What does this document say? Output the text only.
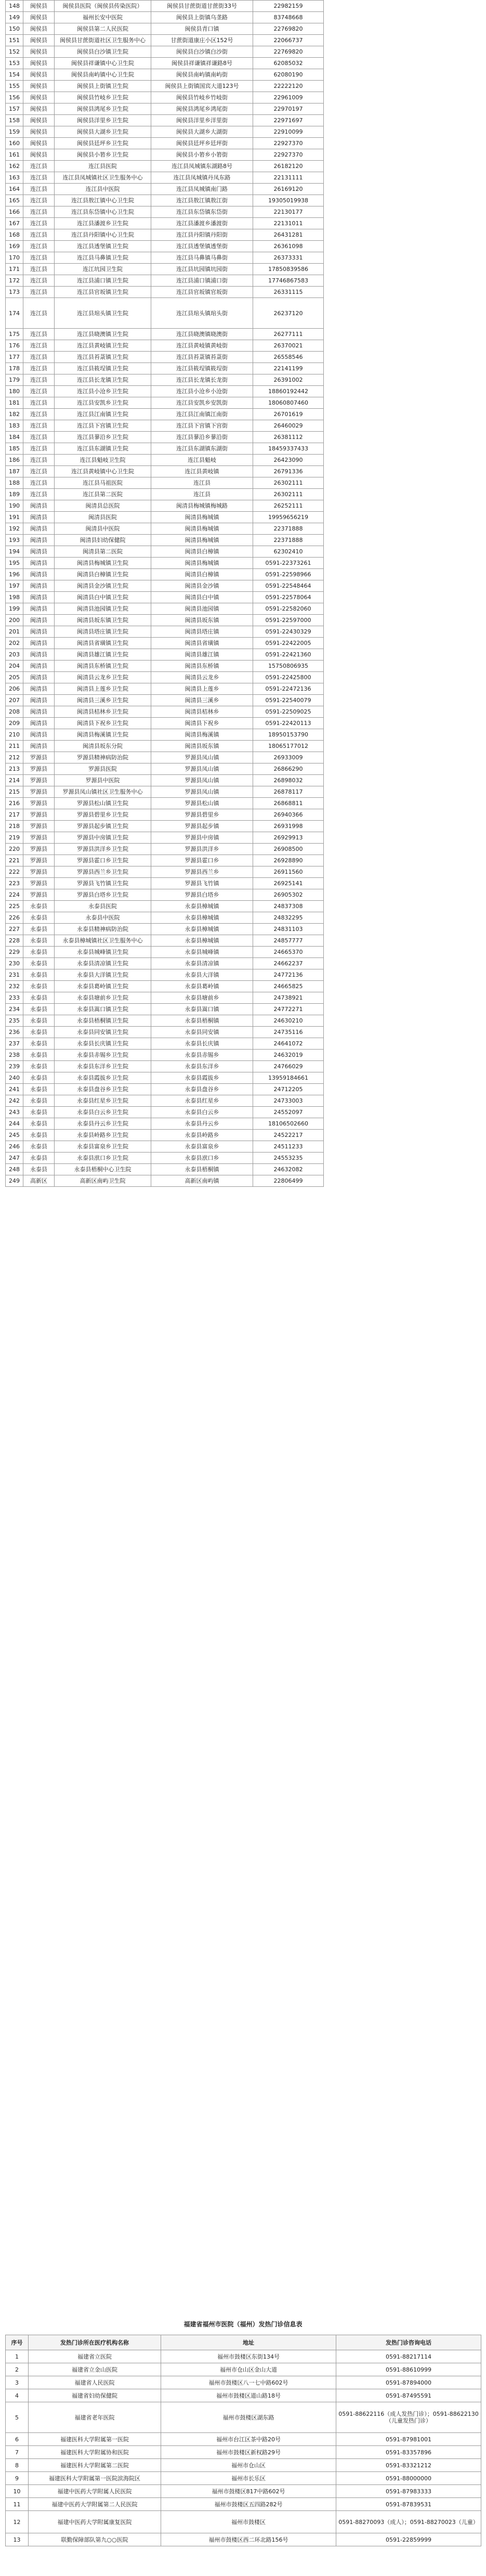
148	闽侯县	闽侯县医院（闽侯县传染医院）	闽侯县甘蔗街道甘蔗街33号	22982159
149	闽侯县	福州长安中医院	闽侯县上街镇乌垄路	83748668
150	闽侯县	闽侯县第二人民医院	闽侯县青口镇	22769820
151	闽侯县	闽侯县甘蔗街道社区卫生服务中心	甘蔗街道康庄小区152号	22066737
152	闽侯县	闽侯县白沙镇卫生院	闽侯县白沙镇白沙街	22769820
153	闽侯县	闽侯县祥谦镇中心卫生院	闽侯县祥谦镇祥谦路8号	62085032
154	闽侯县	闽侯县南屿镇中心卫生院	闽侯县南屿镇南屿街	62080190
155	闽侯县	闽侯县上街镇卫生院	闽侯县上街镇国宾大道123号	22222120
156	闽侯县	闽侯县竹岐乡卫生院	闽侯县竹岐乡竹岐街	22961009
157	闽侯县	闽侯县鸿尾乡卫生院	闽侯县鸿尾乡鸿尾街	22970197
158	闽侯县	闽侯县洋里乡卫生院	闽侯县洋里乡洋里街	22971697
159	闽侯县	闽侯县大湖乡卫生院	闽侯县大湖乡大湖街	22910099
160	闽侯县	闽侯县廷坪乡卫生院	闽侯县廷坪乡廷坪街	22927370
161	闽侯县	闽侯县小箬乡卫生院	闽侯县小箬乡小箬街	22927370
162	连江县	连江县医院	连江县凤城镇东湖路8号	26182120
163	连江县	连江县凤城镇社区卫生服务中心	连江县凤城镇丹凤东路	22131111
164	连江县	连江县中医院	连江县凤城镇南门路	26169120
165	连江县	连江县敖江镇中心卫生院	连江县敖江镇敖江街	19305019938
166	连江县	连江县东岱镇中心卫生院	连江县东岱镇东岱街	22130177
167	连江县	连江县潘渡乡卫生院	连江县潘渡乡潘渡街	22131011
168	连江县	连江县丹阳镇中心卫生院	连江县丹阳镇丹阳街	26431281
169	连江县	连江县透堡镇卫生院	连江县透堡镇透堡街	26361098
170	连江县	连江县马鼻镇卫生院	连江县马鼻镇马鼻街	26373331
171	连江县	连江坑园卫生院	连江县坑园镇坑园街	17850839586
172	连江县	连江县浦口镇卫生院	连江县浦口镇浦口街	17746867583
173	连江县	连江县官坂镇卫生院	连江县官坂镇官坂街	26331115
174	连江县	连江县琯头镇卫生院	连江县琯头镇琯头街	26237120
175	连江县	连江县晓澳镇卫生院	连江县晓澳镇晓澳街	26277111
176	连江县	连江县黄岐镇卫生院	连江县黄岐镇黄岐街	26370021
177	连江县	连江县苔菉镇卫生院	连江县苔菉镇苔菉街	26558546
178	连江县	连江县筱埕镇卫生院	连江县筱埕镇筱埕街	22141199
179	连江县	连江县长龙镇卫生院	连江县长龙镇长龙街	26391002
180	连江县	连江县小沧乡卫生院	连江县小沧乡小沧街	18860192442
181	连江县	连江县安凯乡卫生院	连江县安凯乡安凯街	18060807460
182	连江县	连江县江南镇卫生院	连江县江南镇江南街	26701619
183	连江县	连江县下宫镇卫生院	连江县下宫镇下宫街	26460029
184	连江县	连江县蓼沿乡卫生院	连江县蓼沿乡蓼沿街	26381112
185	连江县	连江县东湖镇卫生院	连江县东湖镇东湖街	18459337433
186	连江县	连江县魁岐卫生院	连江县魁岐	26423090
187	连江县	连江县黄岐镇中心卫生院	连江县黄岐镇	26791336
188	连江县	连江县马祖医院	连江县	26302111
189	连江县	连江县第二医院	连江县	26302111
190	闽清县	闽清县总医院	闽清县梅城镇梅城路	26252111
191	闽清县	闽清县医院	闽清县梅城镇	19959656219
192	闽清县	闽清县中医院	闽清县梅城镇	22371888
193	闽清县	闽清县妇幼保健院	闽清县梅城镇	22371888
194	闽清县	闽清县第二医院	闽清县白樟镇	62302410
195	闽清县	闽清县梅城镇卫生院	闽清县梅城镇	0591-22373261
196	闽清县	闽清县白樟镇卫生院	闽清县白樟镇	0591-22598966
197	闽清县	闽清县金沙镇卫生院	闽清县金沙镇	0591-22548464
198	闽清县	闽清县白中镇卫生院	闽清县白中镇	0591-22578064
199	闽清县	闽清县池园镇卫生院	闽清县池园镇	0591-22582060
200	闽清县	闽清县坂东镇卫生院	闽清县坂东镇	0591-22597000
201	闽清县	闽清县塔庄镇卫生院	闽清县塔庄镇	0591-22430329
202	闽清县	闽清县省璜镇卫生院	闽清县省璜镇	0591-22422005
203	闽清县	闽清县雄江镇卫生院	闽清县雄江镇	0591-22421360
204	闽清县	闽清县东桥镇卫生院	闽清县东桥镇	15750806935
205	闽清县	闽清县云龙乡卫生院	闽清县云龙乡	0591-22425800
206	闽清县	闽清县上莲乡卫生院	闽清县上莲乡	0591-22472136
207	闽清县	闽清县三溪乡卫生院	闽清县三溪乡	0591-22540079
208	闽清县	闽清县桔林乡卫生院	闽清县桔林乡	0591-22509025
209	闽清县	闽清县下祝乡卫生院	闽清县下祝乡	0591-22420113
210	闽清县	闽清县梅溪镇卫生院	闽清县梅溪镇	18950153790
211	闽清县	闽清县坂东分院	闽清县坂东镇	18065177012
212	罗源县	罗源县精神病防治院	罗源县凤山镇	26933009
213	罗源县	罗源县医院	罗源县凤山镇	26866290
214	罗源县	罗源县中医院	罗源县凤山镇	26898032
215	罗源县	罗源县凤山镇社区卫生服务中心	罗源县凤山镇	26878117
216	罗源县	罗源县松山镇卫生院	罗源县松山镇	26868811
217	罗源县	罗源县碧里乡卫生院	罗源县碧里乡	26940366
218	罗源县	罗源县起步镇卫生院	罗源县起步镇	26931998
219	罗源县	罗源县中房镇卫生院	罗源县中房镇	26929913
220	罗源县	罗源县洪洋乡卫生院	罗源县洪洋乡	26908500
221	罗源县	罗源县霍口乡卫生院	罗源县霍口乡	26928890
222	罗源县	罗源县西兰乡卫生院	罗源县西兰乡	26911560
223	罗源县	罗源县飞竹镇卫生院	罗源县飞竹镇	26925141
224	罗源县	罗源县白塔乡卫生院	罗源县白塔乡	26905302
225	永泰县	永泰县医院	永泰县樟城镇	24837308
226	永泰县	永泰县中医院	永泰县樟城镇	24832295
227	永泰县	永泰县精神病防治院	永泰县樟城镇	24831103
228	永泰县	永泰县樟城镇社区卫生服务中心	永泰县樟城镇	24857777
229	永泰县	永泰县城峰镇卫生院	永泰县城峰镇	24665370
230	永泰县	永泰县清凉镇卫生院	永泰县清凉镇	24662237
231	永泰县	永泰县大洋镇卫生院	永泰县大洋镇	24772136
232	永泰县	永泰县葛岭镇卫生院	永泰县葛岭镇	24665825
233	永泰县	永泰县塘前乡卫生院	永泰县塘前乡	24738921
234	永泰县	永泰县嵩口镇卫生院	永泰县嵩口镇	24772271
235	永泰县	永泰县梧桐镇卫生院	永泰县梧桐镇	24630210
236	永泰县	永泰县同安镇卫生院	永泰县同安镇	24735116
237	永泰县	永泰县长庆镇卫生院	永泰县长庆镇	24641072
238	永泰县	永泰县赤锡乡卫生院	永泰县赤锡乡	24632019
239	永泰县	永泰县东洋乡卫生院	永泰县东洋乡	24766029
240	永泰县	永泰县霞拔乡卫生院	永泰县霞拔乡	13959184661
241	永泰县	永泰县盘谷乡卫生院	永泰县盘谷乡	24712205
242	永泰县	永泰县红星乡卫生院	永泰县红星乡	24733003
243	永泰县	永泰县白云乡卫生院	永泰县白云乡	24552097
244	永泰县	永泰县丹云乡卫生院	永泰县丹云乡	18106502660
245	永泰县	永泰县岭路乡卫生院	永泰县岭路乡	24522217
246	永泰县	永泰县富泉乡卫生院	永泰县富泉乡	24511233
247	永泰县	永泰县洑口乡卫生院	永泰县洑口乡	24553235
248	永泰县	永泰县梧桐中心卫生院	永泰县梧桐镇	24632082
249	高新区	高新区南屿卫生院	高新区南屿镇	22806499
福建省福州市医院（福州）发热门诊信息表
序号	发热门诊所在医疗机构名称	地址	发热门诊咨询电话
1	福建省立医院	福州市鼓楼区东街134号	0591-88217114
2	福建省立金山医院	福州市仓山区金山大道	0591-88610999
3	福建省人民医院	福州市鼓楼区八一七中路602号	0591-87894000
4	福建省妇幼保健院	福州市鼓楼区道山路18号	0591-87495591
5	福建省老年医院	福州市鼓楼区湖东路	0591-88622116（成人发热门诊）；0591-88622130（儿童发热门诊）
6	福建医科大学附属第一医院	福州市台江区茶中路20号	0591-87981001
7	福建医科大学附属协和医院	福州市鼓楼区新权路29号	0591-83357896
8	福建医科大学附属第二医院	福州市仓山区	0591-83321212
9	福建医科大学附属第一医院滨海院区	福州市长乐区	0591-88000000
10	福建中医药大学附属人民医院	福州市鼓楼区817中路602号	0591-87983333
11	福建中医药大学附属第二人民医院	福州市鼓楼区五四路282号	0591-87839531
12	福建中医药大学附属康复医院	福州市鼓楼区	0591-88270093（成人）；0591-88270023（儿童）
13	联勤保障部队第九○○医院	福州市鼓楼区西二环北路156号	0591-22859999
